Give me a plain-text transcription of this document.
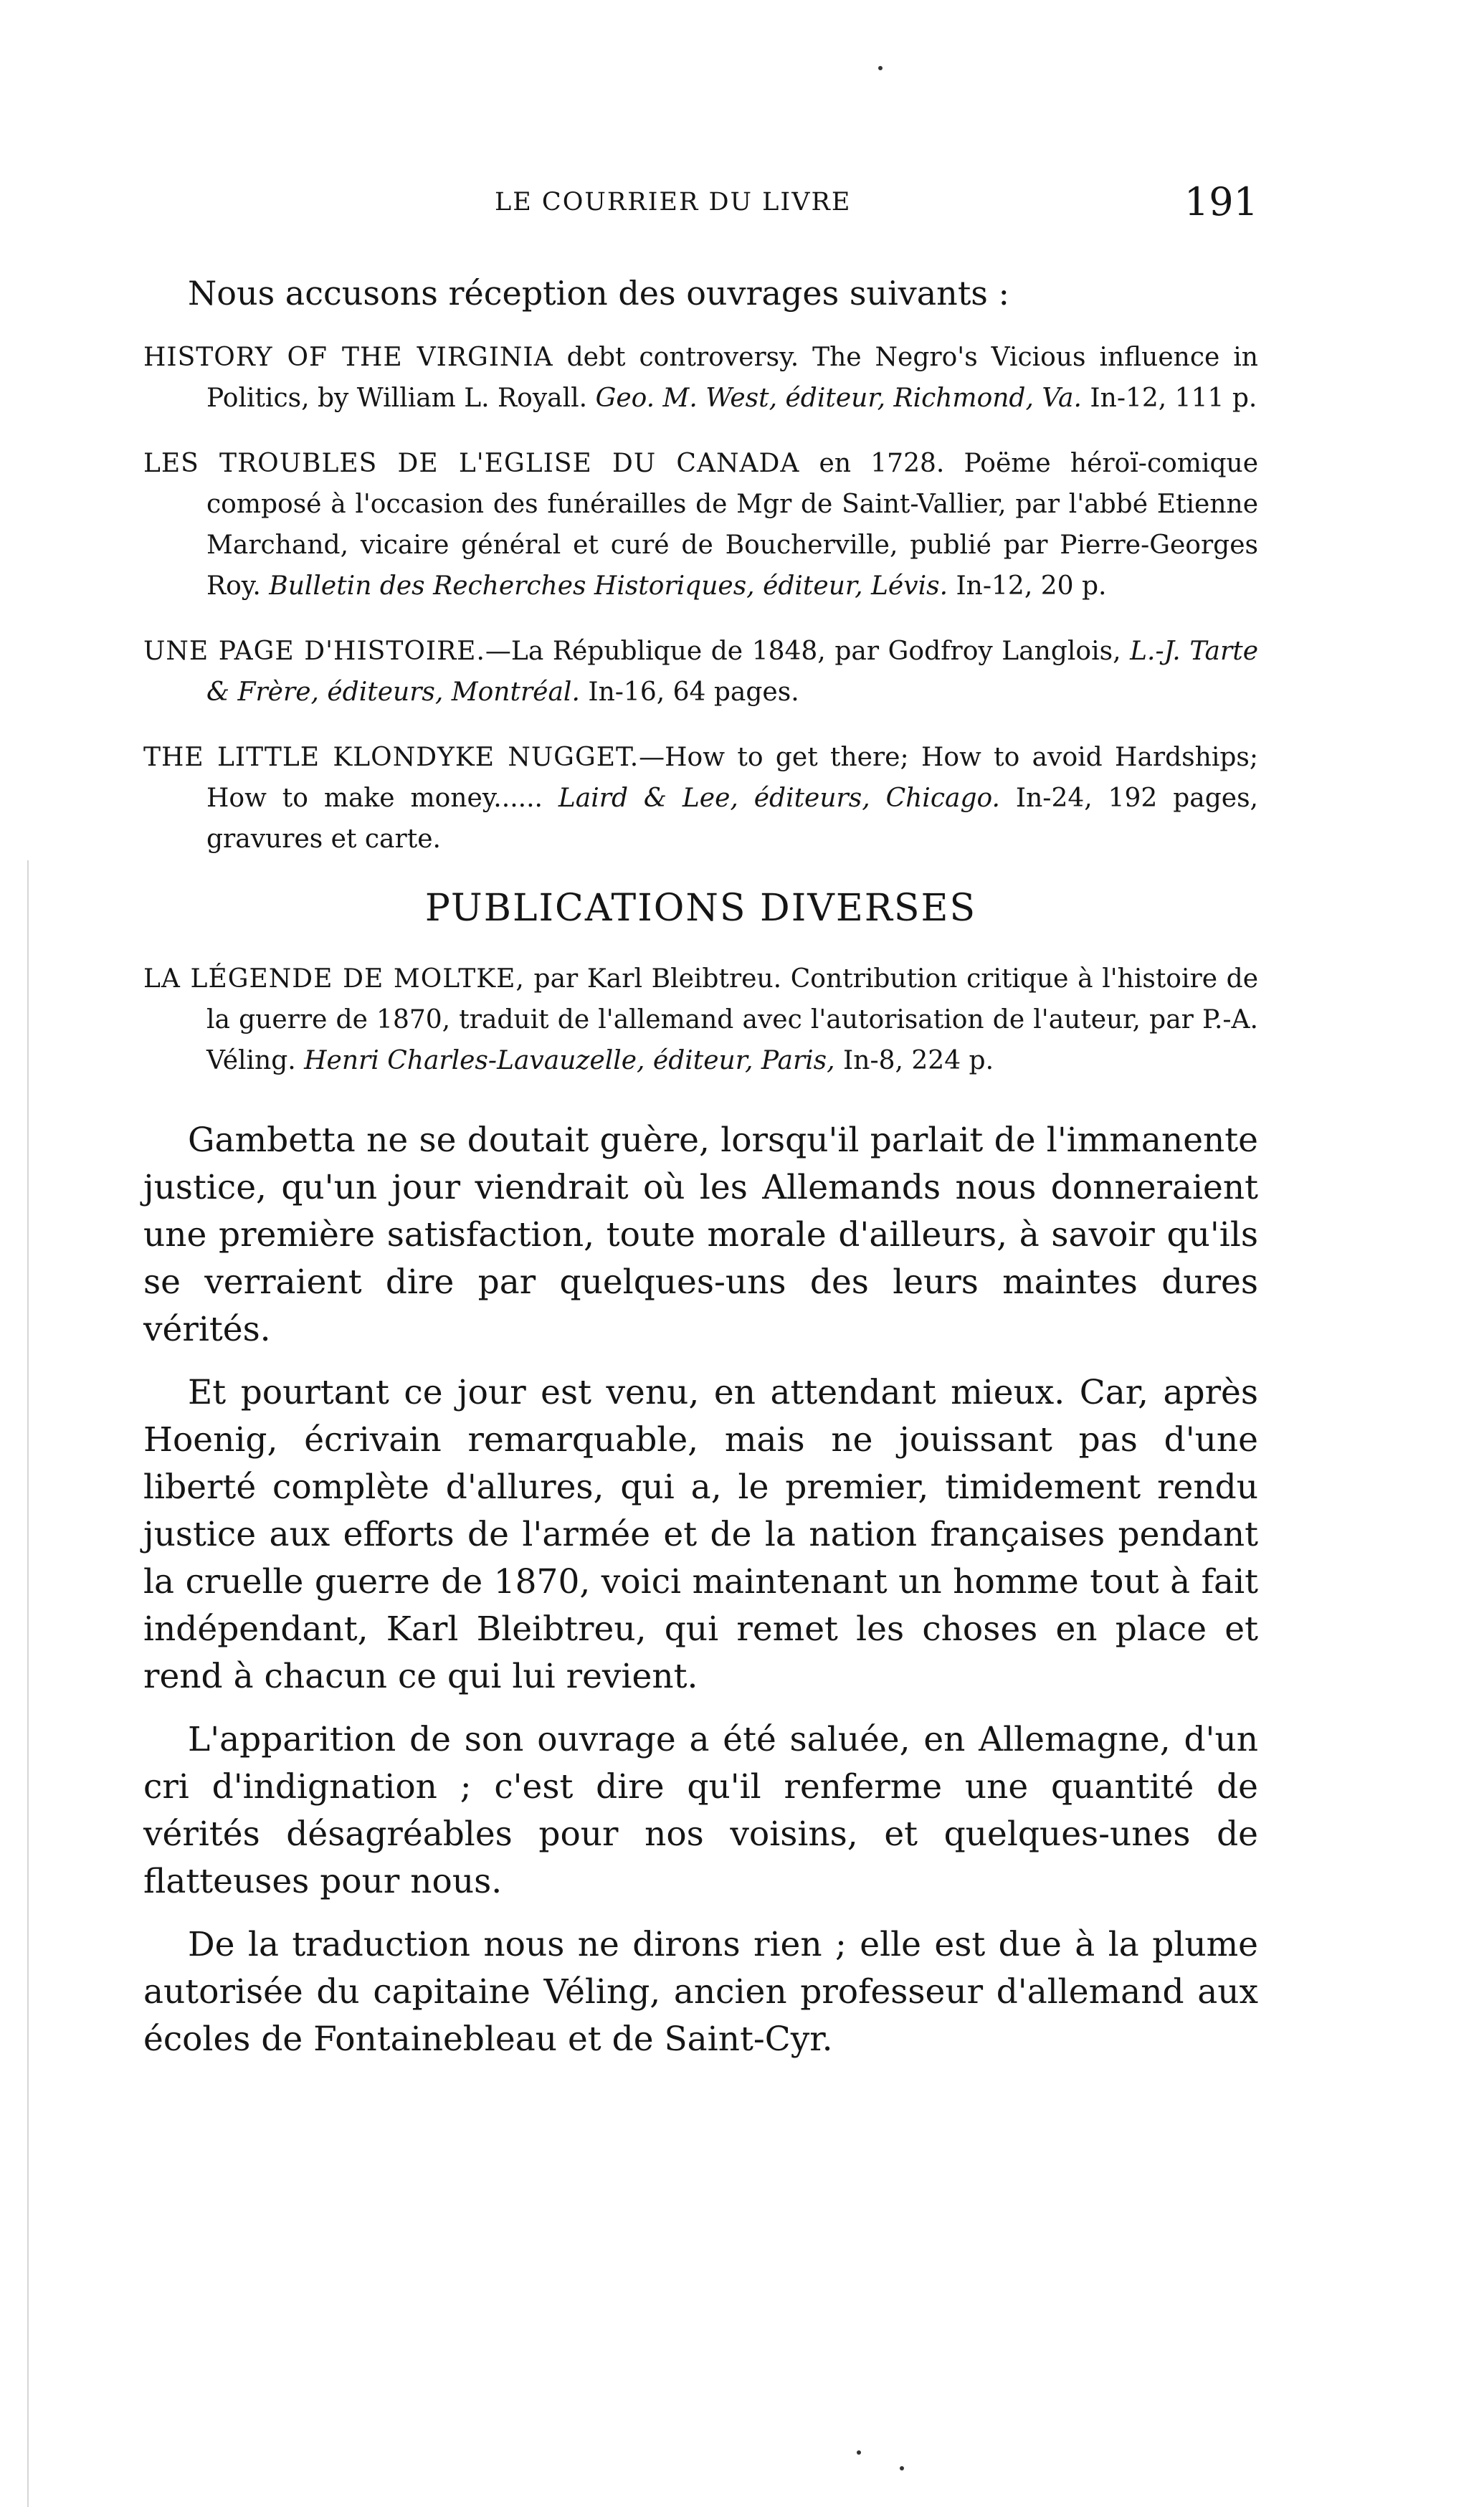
LE COURRIER DU LIVRE	191
Nous accusons réception des ouvrages suivants :

HISTORY OF THE VIRGINIA debt controversy. The Negro's Vicious influence in Politics, by William L. Royall. Geo. M. West, éditeur, Richmond, Va. In-12, 111 p.

LES TROUBLES DE L'EGLISE DU CANADA en 1728. Poëme héroï-comique composé à l'occasion des funérailles de Mgr de Saint-Vallier, par l'abbé Etienne Marchand, vicaire général et curé de Boucherville, publié par Pierre-Georges Roy. Bulletin des Recherches Historiques, éditeur, Lévis. In-12, 20 p.

UNE PAGE D'HISTOIRE.—La République de 1848, par Godfroy Langlois, L.-J. Tarte & Frère, éditeurs, Montréal. In-16, 64 pages.

THE LITTLE KLONDYKE NUGGET.—How to get there; How to avoid Hardships; How to make money...... Laird & Lee, éditeurs, Chicago. In-24, 192 pages, gravures et carte.

PUBLICATIONS DIVERSES

LA LÉGENDE DE MOLTKE, par Karl Bleibtreu. Contribution critique à l'histoire de la guerre de 1870, traduit de l'allemand avec l'autorisation de l'auteur, par P.-A. Véling. Henri Charles-Lavauzelle, éditeur, Paris, In-8, 224 p.

Gambetta ne se doutait guère, lorsqu'il parlait de l'immanente justice, qu'un jour viendrait où les Allemands nous donneraient une première satisfaction, toute morale d'ailleurs, à savoir qu'ils se verraient dire par quelques-uns des leurs maintes dures vérités.

Et pourtant ce jour est venu, en attendant mieux. Car, après Hoenig, écrivain remarquable, mais ne jouissant pas d'une liberté complète d'allures, qui a, le premier, timidement rendu justice aux efforts de l'armée et de la nation françaises pendant la cruelle guerre de 1870, voici maintenant un homme tout à fait indépendant, Karl Bleibtreu, qui remet les choses en place et rend à chacun ce qui lui revient.

L'apparition de son ouvrage a été saluée, en Allemagne, d'un cri d'indignation ; c'est dire qu'il renferme une quantité de vérités désagréables pour nos voisins, et quelques-unes de flatteuses pour nous.

De la traduction nous ne dirons rien ; elle est due à la plume autorisée du capitaine Véling, ancien professeur d'allemand aux écoles de Fontainebleau et de Saint-Cyr.
